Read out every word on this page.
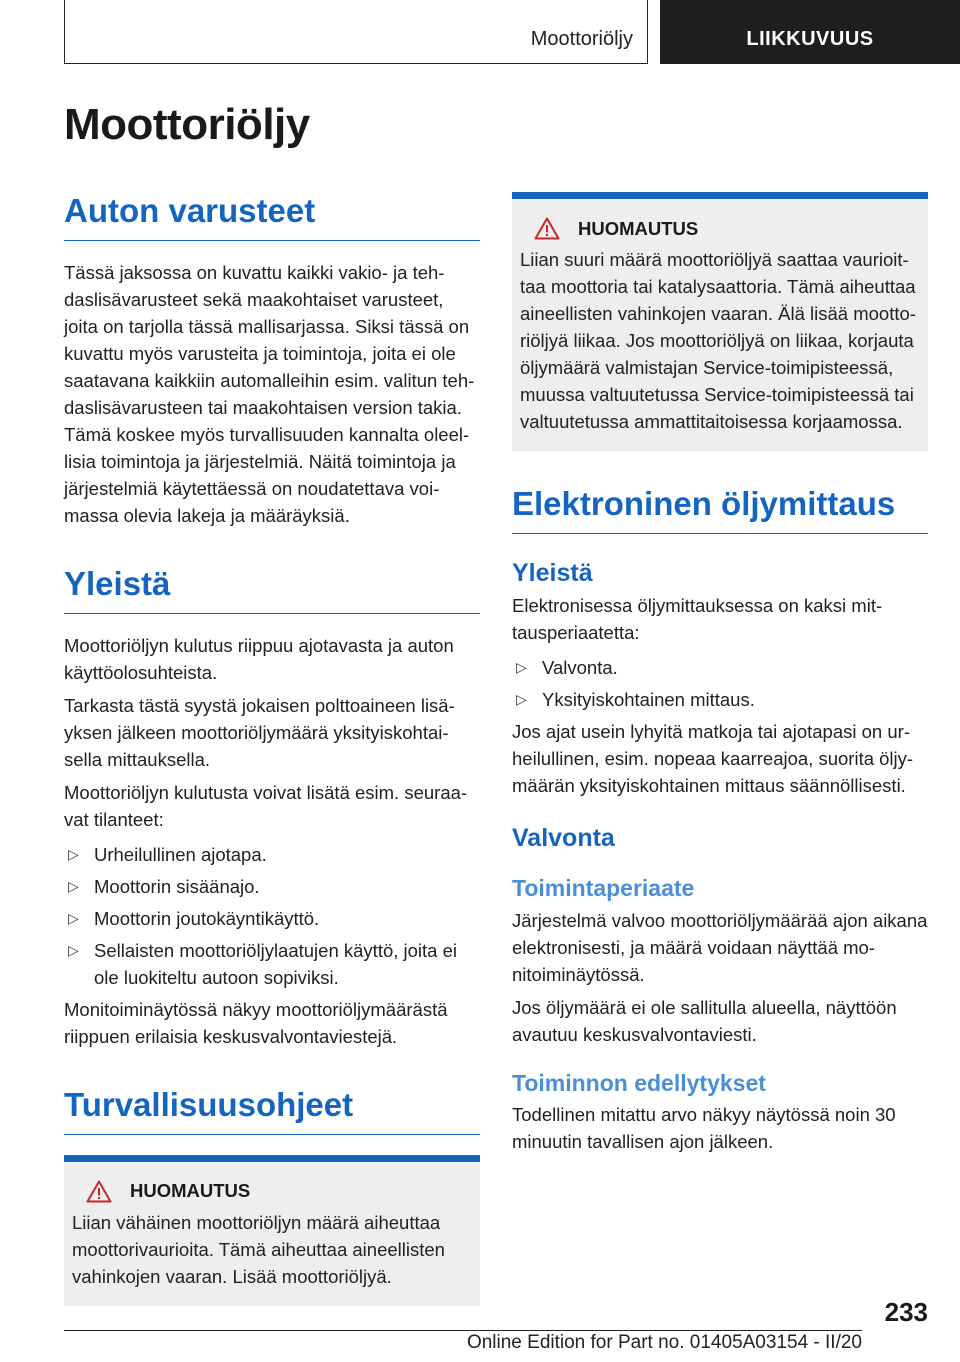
Moottoriöljy	LIIKKUVUUS
Moottoriöljy
Auton varusteet

Tässä jaksossa on kuvattu kaikki vakio- ja tehdaslisävarusteet sekä maakohtaiset varusteet, joita on tarjolla tässä mallisarjassa. Siksi tässä on kuvattu myös varusteita ja toimintoja, joita ei ole saatavana kaikkiin automalleihin esim. valitun tehdaslisävarusteen tai maakohtaisen version takia. Tämä koskee myös turvallisuuden kannalta oleellisia toimintoja ja järjestelmiä. Näitä toimintoja ja järjestelmiä käytettäessä on noudatettava voimassa olevia lakeja ja määräyksiä.

Yleistä

Moottoriöljyn kulutus riippuu ajotavasta ja auton käyttöolosuhteista.

Tarkasta tästä syystä jokaisen polttoaineen lisäyksen jälkeen moottoriöljymäärä yksityiskohtaisella mittauksella.

Moottoriöljyn kulutusta voivat lisätä esim. seuraavat tilanteet:

▷ Urheilullinen ajotapa.
▷ Moottorin sisäänajo.
▷ Moottorin joutokäyntikäyttö.
▷ Sellaisten moottoriöljylaatujen käyttö, joita ei ole luokiteltu autoon sopiviksi.

Monitoiminäytössä näkyy moottoriöljymäärästä riippuen erilaisia keskusvalvontaviestejä.

Turvallisuusohjeet
HUOMAUTUS

Liian vähäinen moottoriöljyn määrä aiheuttaa moottorivaurioita. Tämä aiheuttaa aineellisten vahinkojen vaaran. Lisää moottoriöljyä.

HUOMAUTUS

Liian suuri määrä moottoriöljyä saattaa vaurioittaa moottoria tai katalysaattoria. Tämä aiheuttaa aineellisten vahinkojen vaaran. Älä lisää moottoriöljyä liikaa. Jos moottoriöljyä on liikaa, korjauta öljymäärä valmistajan Service-toimipisteessä, muussa valtuutetussa Service-toimipisteessä tai valtuutetussa ammattitaitoisessa korjaamossa.

Elektroninen öljymittaus
Yleistä

Elektronisessa öljymittauksessa on kaksi mittausperiaatetta:

▷ Valvonta.
▷ Yksityiskohtainen mittaus.

Jos ajat usein lyhyitä matkoja tai ajotapasi on urheilullinen, esim. nopeaa kaarreajoa, suorita öljymäärän yksityiskohtainen mittaus säännöllisesti.

Valvonta
Toimintaperiaate

Järjestelmä valvoo moottoriöljymäärää ajon aikana elektronisesti, ja määrä voidaan näyttää monitoiminäytössä.

Jos öljymäärä ei ole sallitulla alueella, näyttöön avautuu keskusvalvontaviesti.

Toiminnon edellytykset

Todellinen mitattu arvo näkyy näytössä noin 30 minuutin tavallisen ajon jälkeen.

233
Online Edition for Part no. 01405A03154 - II/20
